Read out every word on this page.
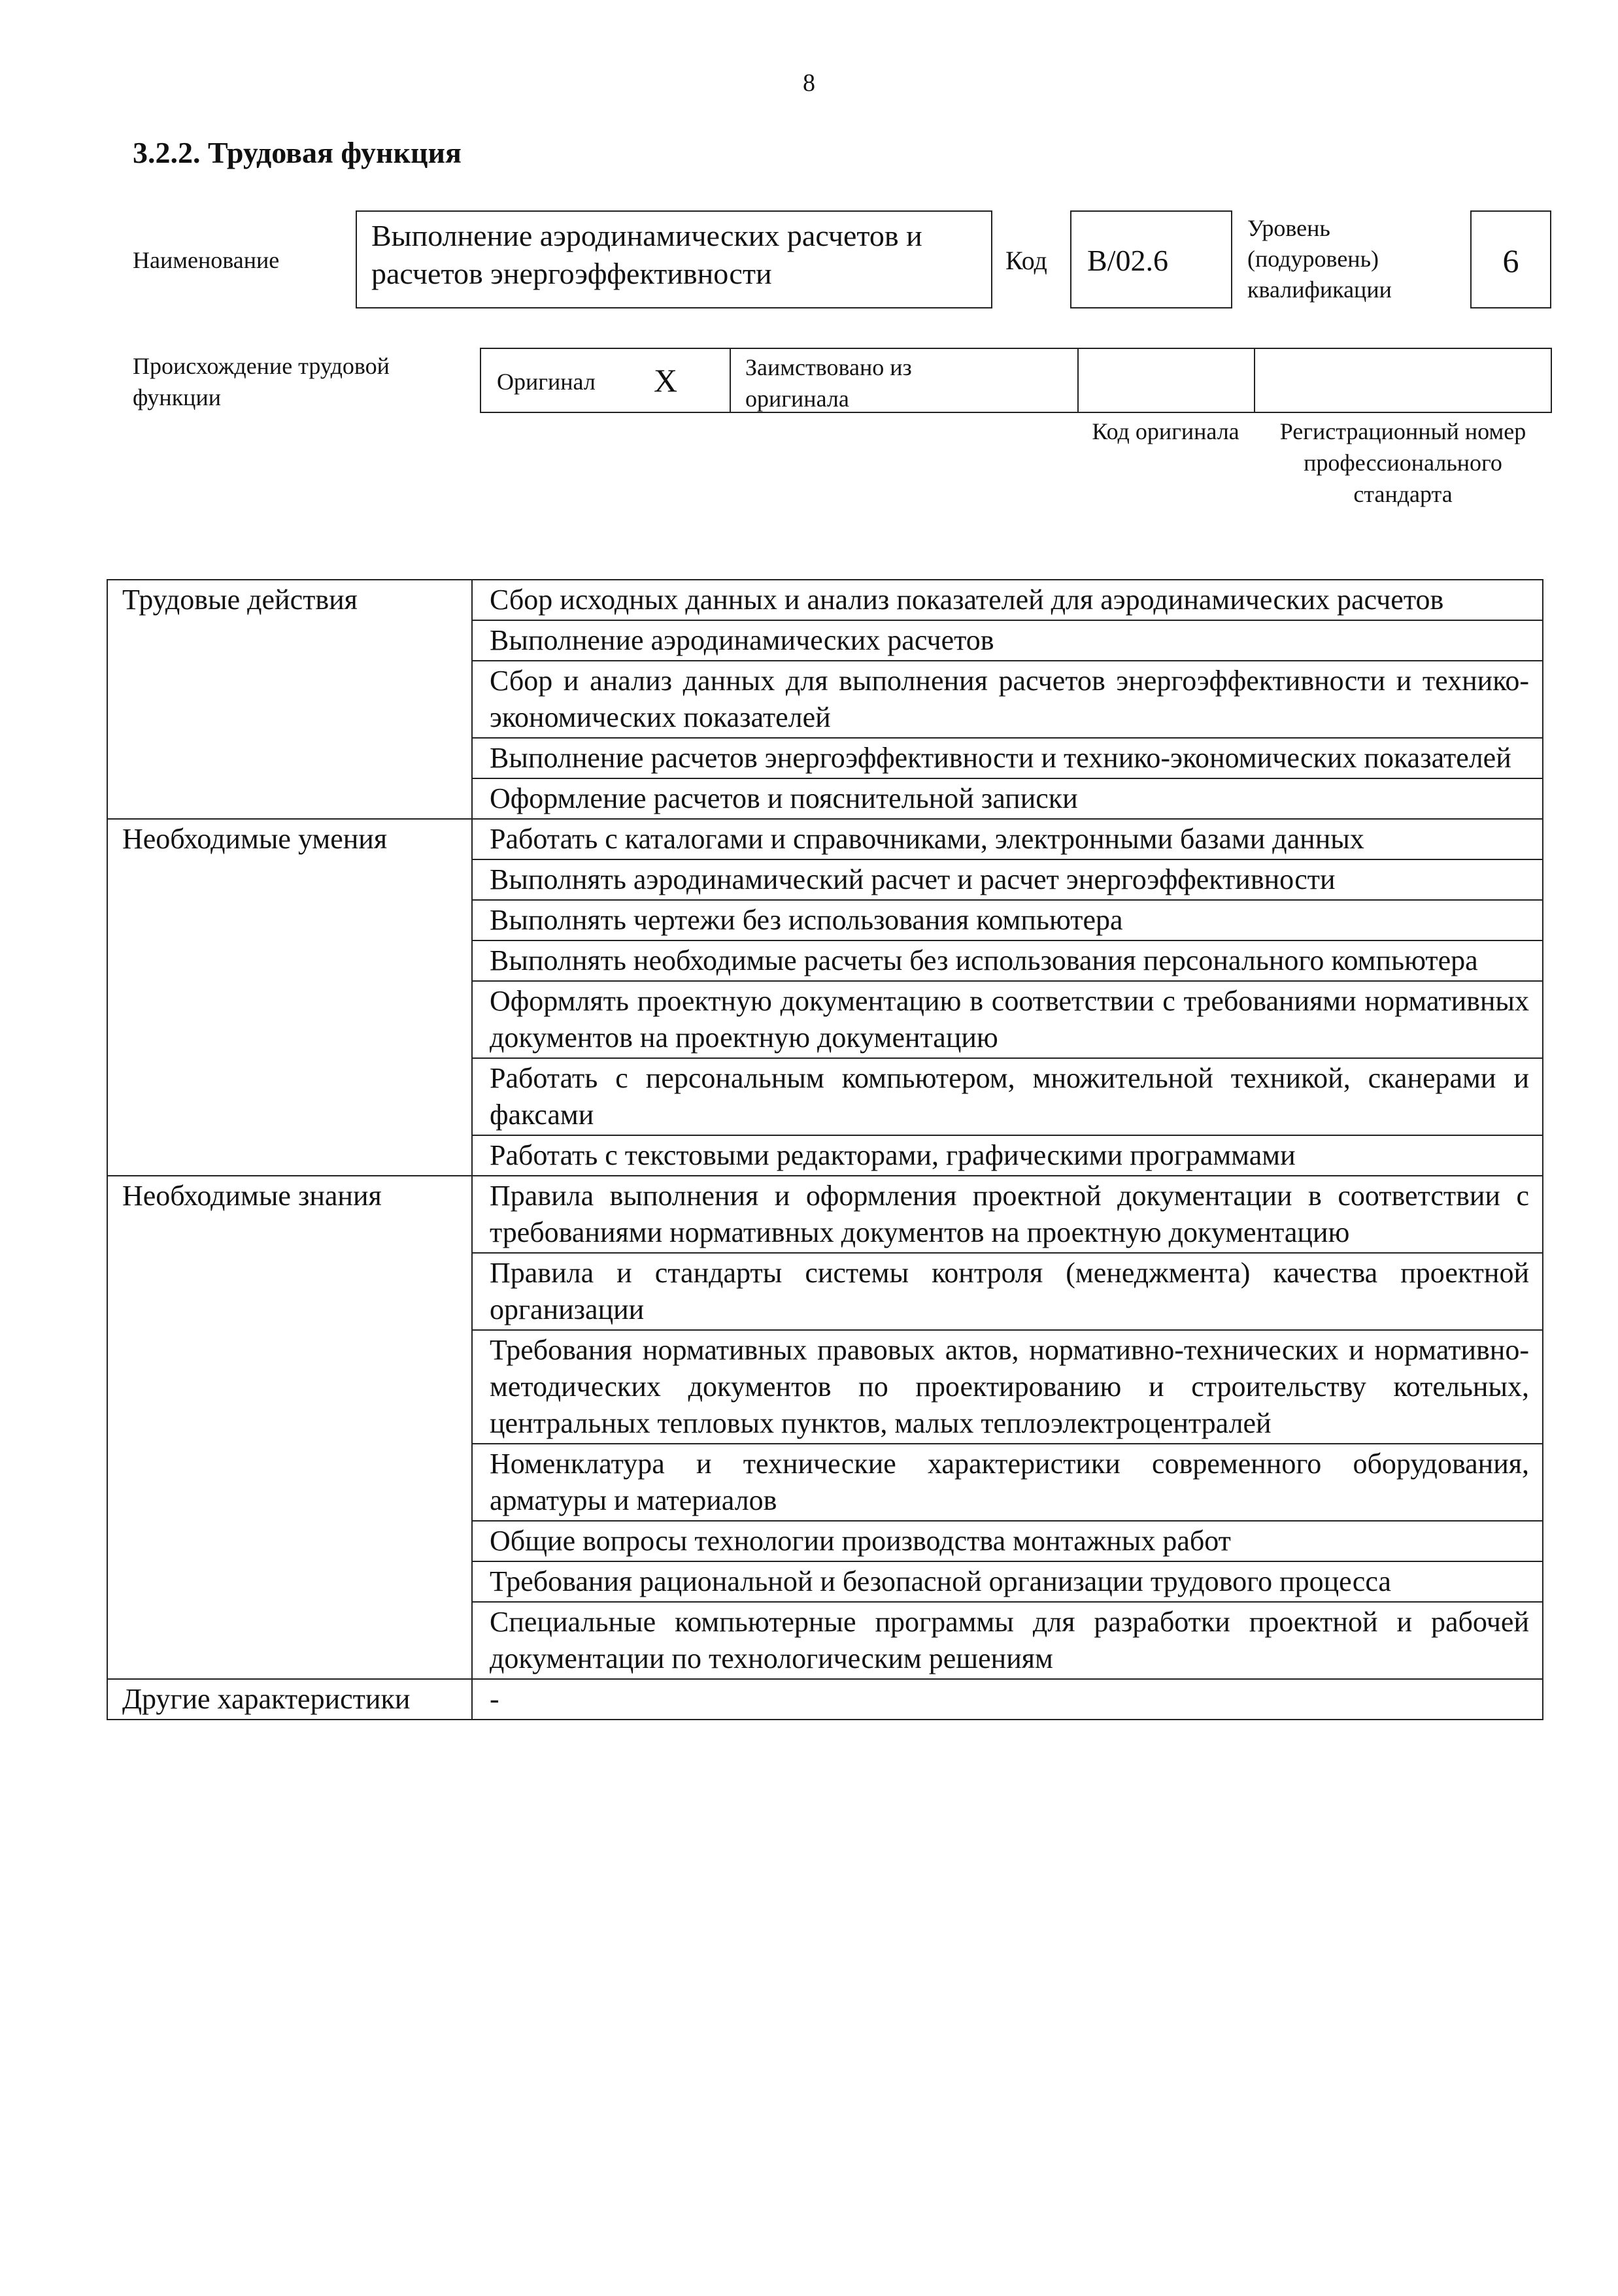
8
3.2.2. Трудовая функция
Наименование
Выполнение аэродинамических расчетов и расчетов энергоэффективности	Код	B/02.6
Уровень (подуровень) квалификации
6
Происхождение трудовой функции
Оригинал X	Заимствовано из оригинала
Код оригинала	Регистрационный номер профессионального стандарта
Трудовые действия	Сбор исходных данных и анализ показателей для аэродинамических расчетов
	Выполнение аэродинамических расчетов
	Сбор и анализ данных для выполнения расчетов энергоэффективности и технико-экономических показателей
	Выполнение расчетов энергоэффективности и технико-экономических показателей
	Оформление расчетов и пояснительной записки
Необходимые умения	Работать с каталогами и справочниками, электронными базами данных
	Выполнять аэродинамический расчет и расчет энергоэффективности
	Выполнять чертежи без использования компьютера
	Выполнять необходимые расчеты без использования персонального компьютера
	Оформлять проектную документацию в соответствии с требованиями нормативных документов на проектную документацию
	Работать с персональным компьютером, множительной техникой, сканерами и факсами
	Работать с текстовыми редакторами, графическими программами
Необходимые знания	Правила выполнения и оформления проектной документации в соответствии с требованиями нормативных документов на проектную документацию
	Правила и стандарты системы контроля (менеджмента) качества проектной организации
	Требования нормативных правовых актов, нормативно-технических и нормативно-методических документов по проектированию и строительству котельных, центральных тепловых пунктов, малых теплоэлектроцентралей
	Номенклатура и технические характеристики современного оборудования, арматуры и материалов
	Общие вопросы технологии производства монтажных работ
	Требования рациональной и безопасной организации трудового процесса
	Специальные компьютерные программы для разработки проектной и рабочей документации по технологическим решениям
Другие характеристики	-
